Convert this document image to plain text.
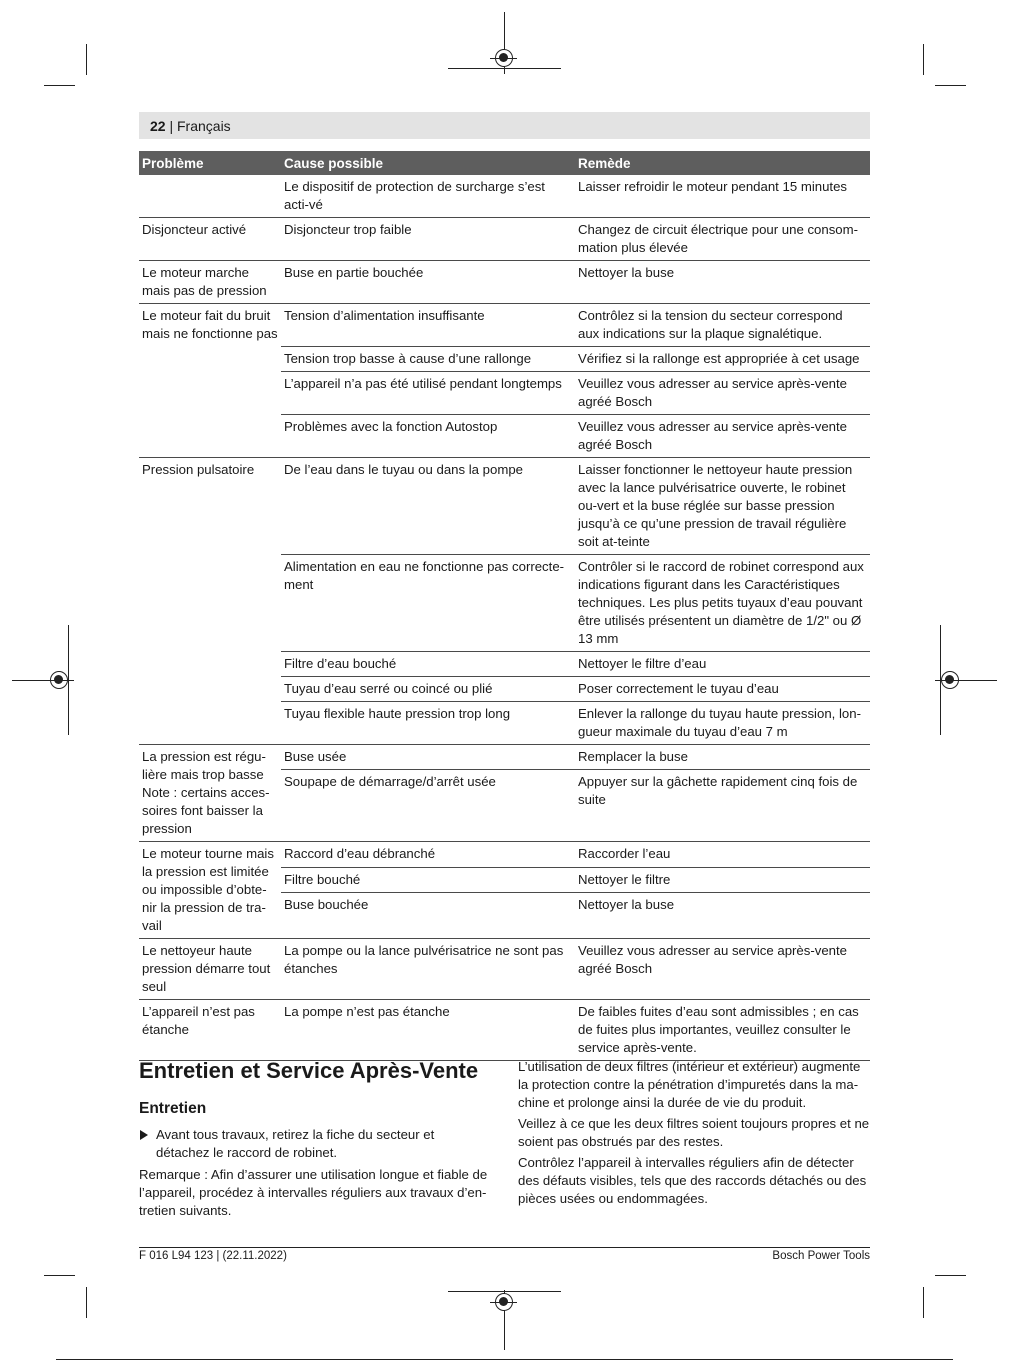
22 | Français
Problème	Cause possible	Remède
	Le dispositif de protection de surcharge s’est acti-vé	Laisser refroidir le moteur pendant 15 minutes
Disjoncteur activé	Disjoncteur trop faible	Changez de circuit électrique pour une consom-mation plus élevée
Le moteur marche mais pas de pression	Buse en partie bouchée	Nettoyer la buse
Le moteur fait du bruit mais ne fonctionne pas	Tension d’alimentation insuffisante	Contrôlez si la tension du secteur correspond aux indications sur la plaque signalétique.
	Tension trop basse à cause d’une rallonge	Vérifiez si la rallonge est appropriée à cet usage
	L’appareil n’a pas été utilisé pendant longtemps	Veuillez vous adresser au service après-vente agréé Bosch
	Problèmes avec la fonction Autostop	Veuillez vous adresser au service après-vente agréé Bosch
Pression pulsatoire	De l’eau dans le tuyau ou dans la pompe	Laisser fonctionner le nettoyeur haute pression avec la lance pulvérisatrice ouverte, le robinet ou-vert et la buse réglée sur basse pression jusqu’à ce qu’une pression de travail régulière soit at-teinte
	Alimentation en eau ne fonctionne pas correcte-ment	Contrôler si le raccord de robinet correspond aux indications figurant dans les Caractéristiques techniques. Les plus petits tuyaux d’eau pouvant être utilisés présentent un diamètre de 1/2" ou Ø 13 mm
	Filtre d’eau bouché	Nettoyer le filtre d’eau
	Tuyau d’eau serré ou coincé ou plié	Poser correctement le tuyau d’eau
	Tuyau flexible haute pression trop long	Enlever la rallonge du tuyau haute pression, lon-gueur maximale du tuyau d’eau 7 m
La pression est régu-lière mais trop basse Note : certains acces-soires font baisser la pression	Buse usée	Remplacer la buse
	Soupape de démarrage/d’arrêt usée	Appuyer sur la gâchette rapidement cinq fois de suite
Le moteur tourne mais la pression est limitée ou impossible d’obte-nir la pression de tra-vail	Raccord d’eau débranché	Raccorder l’eau
	Filtre bouché	Nettoyer le filtre
	Buse bouchée	Nettoyer la buse
Le nettoyeur haute pression démarre tout seul	La pompe ou la lance pulvérisatrice ne sont pas étanches	Veuillez vous adresser au service après-vente agréé Bosch
L’appareil n’est pas étanche	La pompe n’est pas étanche	De faibles fuites d’eau sont admissibles ; en cas de fuites plus importantes, veuillez consulter le service après-vente.
Entretien et Service Après-Vente
Entretien
Avant tous travaux, retirez la fiche du secteur et détachez le raccord de robinet.

Remarque : Afin d’assurer une utilisation longue et fiable de l’appareil, procédez à intervalles réguliers aux travaux d’en-tretien suivants.

L’utilisation de deux filtres (intérieur et extérieur) augmente la protection contre la pénétration d’impuretés dans la ma-chine et prolonge ainsi la durée de vie du produit.

Veillez à ce que les deux filtres soient toujours propres et ne soient pas obstrués par des restes.

Contrôlez l’appareil à intervalles réguliers afin de détecter des défauts visibles, tels que des raccords détachés ou des pièces usées ou endommagées.

F 016 L94 123 | (22.11.2022)	Bosch Power Tools
